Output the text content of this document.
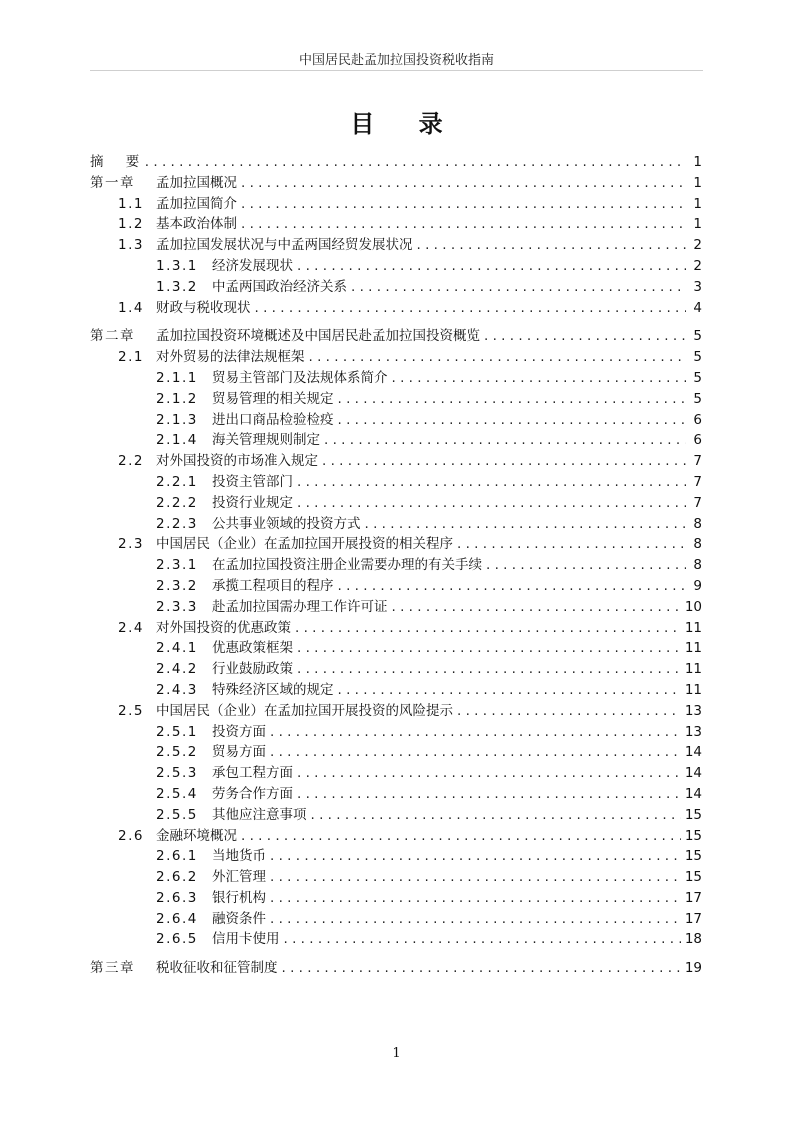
中国居民赴孟加拉国投资税收指南
目 录
摘　 要 . . .	1
第一章	孟加拉国概况 . . .	1
1.1 孟加拉国简介 . . .	1
1.2 基本政治体制 . . .	1
1.3 孟加拉国发展状况与中孟两国经贸发展状况 . . .	2
1.3.1	经济发展现状 . . .	2
1.3.2	中孟两国政治经济关系 . . .	3
1.4 财政与税收现状 . . .	4
第二章	孟加拉国投资环境概述及中国居民赴孟加拉国投资概览 . . .	5
2.1 对外贸易的法律法规框架 . . .	5
2.1.1	贸易主管部门及法规体系简介 . . .	5
2.1.2	贸易管理的相关规定 . . .	5
2.1.3	进出口商品检验检疫 . . .	6
2.1.4	海关管理规则制定 . . .	6
2.2 对外国投资的市场准入规定 . . .	7
2.2.1	投资主管部门 . . .	7
2.2.2	投资行业规定 . . .	7
2.2.3	公共事业领域的投资方式 . . .	8
2.3 中国居民（企业）在孟加拉国开展投资的相关程序 . . .	8
2.3.1	在孟加拉国投资注册企业需要办理的有关手续 . . .	8
2.3.2	承揽工程项目的程序 . . .	9
2.3.3	赴孟加拉国需办理工作许可证 . . .	10
2.4 对外国投资的优惠政策 . . .	11
2.4.1	优惠政策框架 . . .	11
2.4.2	行业鼓励政策 . . .	11
2.4.3	特殊经济区域的规定 . . .	11
2.5 中国居民（企业）在孟加拉国开展投资的风险提示 . . .	13
2.5.1	投资方面 . . .	13
2.5.2	贸易方面 . . .	14
2.5.3	承包工程方面 . . .	14
2.5.4	劳务合作方面 . . .	14
2.5.5	其他应注意事项 . . .	15
2.6 金融环境概况 . . .	15
2.6.1	当地货币 . . .	15
2.6.2	外汇管理 . . .	15
2.6.3	银行机构 . . .	17
2.6.4	融资条件 . . .	17
2.6.5	信用卡使用 . . .	18
第三章	税收征收和征管制度 . . .	19
1
